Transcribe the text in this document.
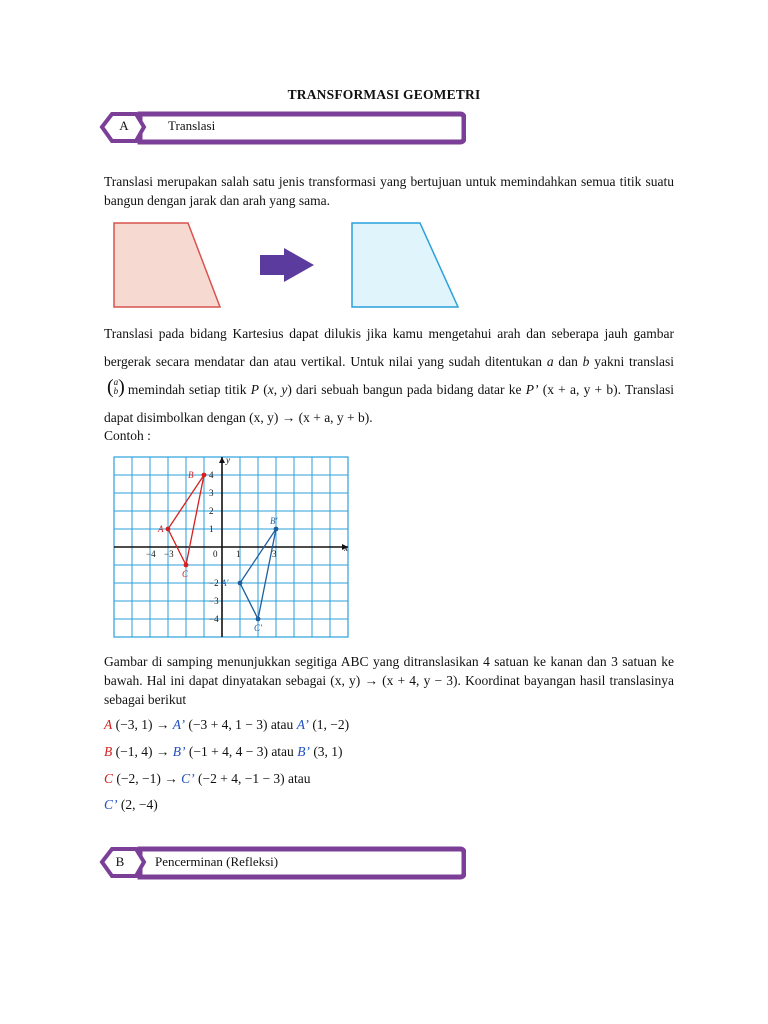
TRANSFORMASI GEOMETRI
A	Translasi
Translasi merupakan salah satu jenis transformasi yang bertujuan untuk memindahkan semua titik suatu bangun dengan jarak dan arah yang sama.
Translasi pada bidang Kartesius dapat dilukis jika kamu mengetahui arah dan seberapa jauh gambar bergerak secara mendatar dan atau vertikal. Untuk nilai yang sudah ditentukan a dan b yakni translasi (a
b) memindah setiap titik P (x, y) dari sebuah bangun pada bidang datar ke P’ (x + a, y + b). Translasi dapat disimbolkan dengan (x, y) → (x + a, y + b).
Contoh :
x
y
−4 −3	0 1	3
4
3
2
1
−2
−3
−4
A
B
C
A′
B′
C′
Gambar di samping menunjukkan segitiga ABC yang ditranslasikan 4 satuan ke kanan dan 3 satuan ke bawah. Hal ini dapat dinyatakan sebagai (x, y) → (x + 4, y − 3). Koordinat bayangan hasil translasinya sebagai berikut
A (−3, 1) → A’ (−3 + 4, 1 − 3) atau A’ (1, −2)
B (−1, 4) → B’ (−1 + 4, 4 − 3) atau B’ (3, 1)
C (−2, −1) → C’ (−2 + 4, −1 − 3) atau
C’ (2, −4)
B	Pencerminan (Refleksi)
